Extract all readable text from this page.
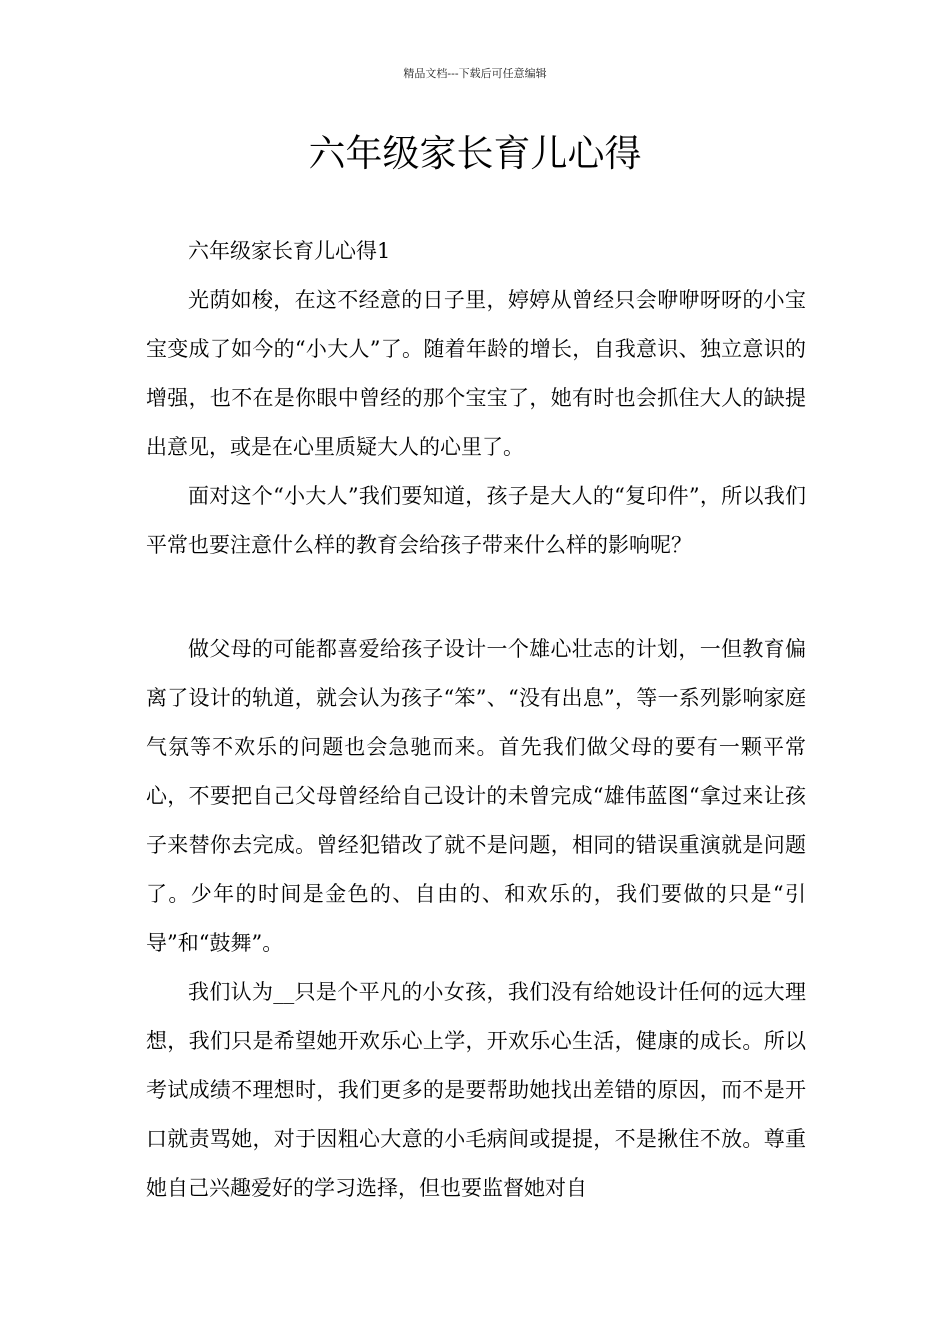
精品文档---下载后可任意编辑
六年级家长育儿心得

六年级家长育儿心得1

光荫如梭，在这不经意的日子里，婷婷从曾经只会咿咿呀呀的小宝宝变成了如今的“小大人”了。随着年龄的增长，自我意识、独立意识的增强，也不在是你眼中曾经的那个宝宝了，她有时也会抓住大人的缺提出意见，或是在心里质疑大人的心里了。

面对这个“小大人”我们要知道，孩子是大人的“复印件”，所以我们平常也要注意什么样的教育会给孩子带来什么样的影响呢？

做父母的可能都喜爱给孩子设计一个雄心壮志的计划，一但教育偏离了设计的轨道，就会认为孩子“笨”、“没有出息”，等一系列影响家庭气氛等不欢乐的问题也会急驰而来。首先我们做父母的要有一颗平常心，不要把自己父母曾经给自己设计的未曾完成“雄伟蓝图“拿过来让孩子来替你去完成。曾经犯错改了就不是问题，相同的错误重演就是问题了。少年的时间是金色的、自由的、和欢乐的，我们要做的只是“引导”和“鼓舞”。

我们认为__只是个平凡的小女孩，我们没有给她设计任何的远大理想，我们只是希望她开欢乐心上学，开欢乐心生活，健康的成长。所以考试成绩不理想时，我们更多的是要帮助她找出差错的原因，而不是开口就责骂她，对于因粗心大意的小毛病间或提提，不是揪住不放。尊重她自己兴趣爱好的学习选择，但也要监督她对自
